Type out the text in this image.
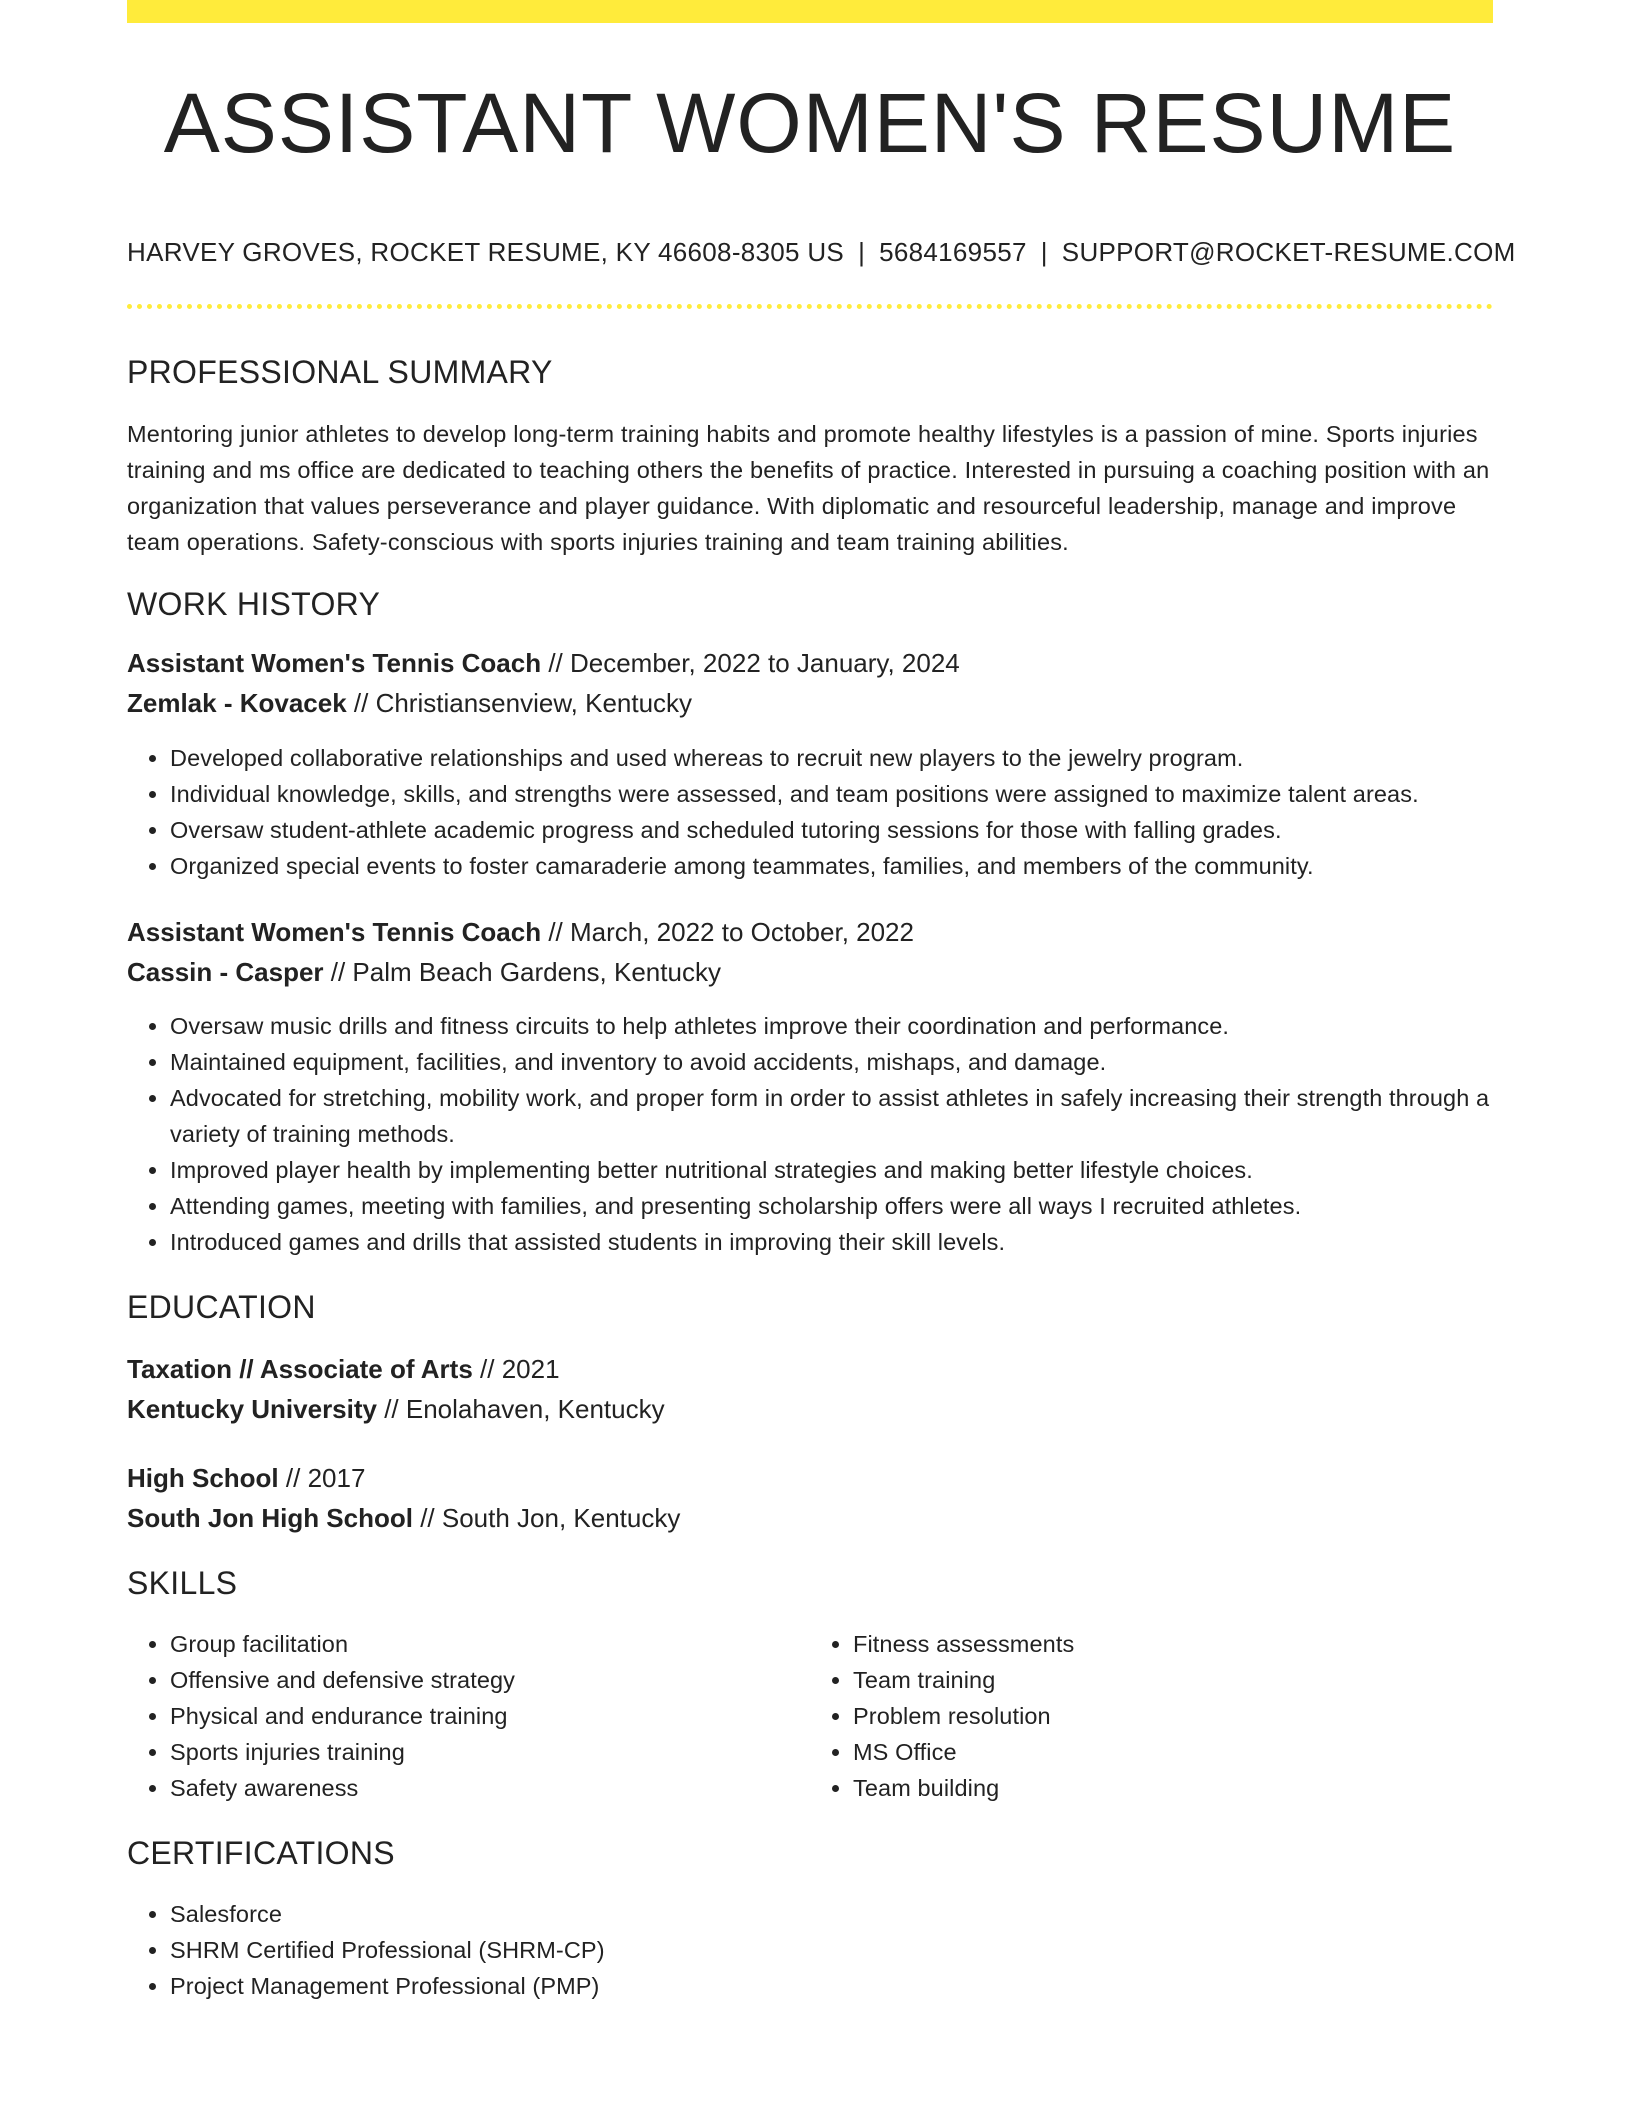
ASSISTANT WOMEN'S RESUME
HARVEY GROVES, ROCKET RESUME, KY 46608-8305 US | 5684169557 | SUPPORT@ROCKET-RESUME.COM
PROFESSIONAL SUMMARY

Mentoring junior athletes to develop long-term training habits and promote healthy lifestyles is a passion of mine. Sports injuries training and ms office are dedicated to teaching others the benefits of practice. Interested in pursuing a coaching position with an organization that values perseverance and player guidance. With diplomatic and resourceful leadership, manage and improve team operations. Safety-conscious with sports injuries training and team training abilities.

WORK HISTORY
Assistant Women's Tennis Coach // December, 2022 to January, 2024
Zemlak - Kovacek // Christiansenview, Kentucky
• Developed collaborative relationships and used whereas to recruit new players to the jewelry program.
• Individual knowledge, skills, and strengths were assessed, and team positions were assigned to maximize talent areas.
• Oversaw student-athlete academic progress and scheduled tutoring sessions for those with falling grades.
• Organized special events to foster camaraderie among teammates, families, and members of the community.
Assistant Women's Tennis Coach // March, 2022 to October, 2022
Cassin - Casper // Palm Beach Gardens, Kentucky
• Oversaw music drills and fitness circuits to help athletes improve their coordination and performance.
• Maintained equipment, facilities, and inventory to avoid accidents, mishaps, and damage.
• Advocated for stretching, mobility work, and proper form in order to assist athletes in safely increasing their strength through a variety of training methods.
• Improved player health by implementing better nutritional strategies and making better lifestyle choices.
• Attending games, meeting with families, and presenting scholarship offers were all ways I recruited athletes.
• Introduced games and drills that assisted students in improving their skill levels.
EDUCATION
Taxation // Associate of Arts // 2021
Kentucky University // Enolahaven, Kentucky
High School // 2017
South Jon High School // South Jon, Kentucky
SKILLS
• Group facilitation
• Offensive and defensive strategy
• Physical and endurance training
• Sports injuries training
• Safety awareness
• Fitness assessments
• Team training
• Problem resolution
• MS Office
• Team building
CERTIFICATIONS
• Salesforce
• SHRM Certified Professional (SHRM-CP)
• Project Management Professional (PMP)
